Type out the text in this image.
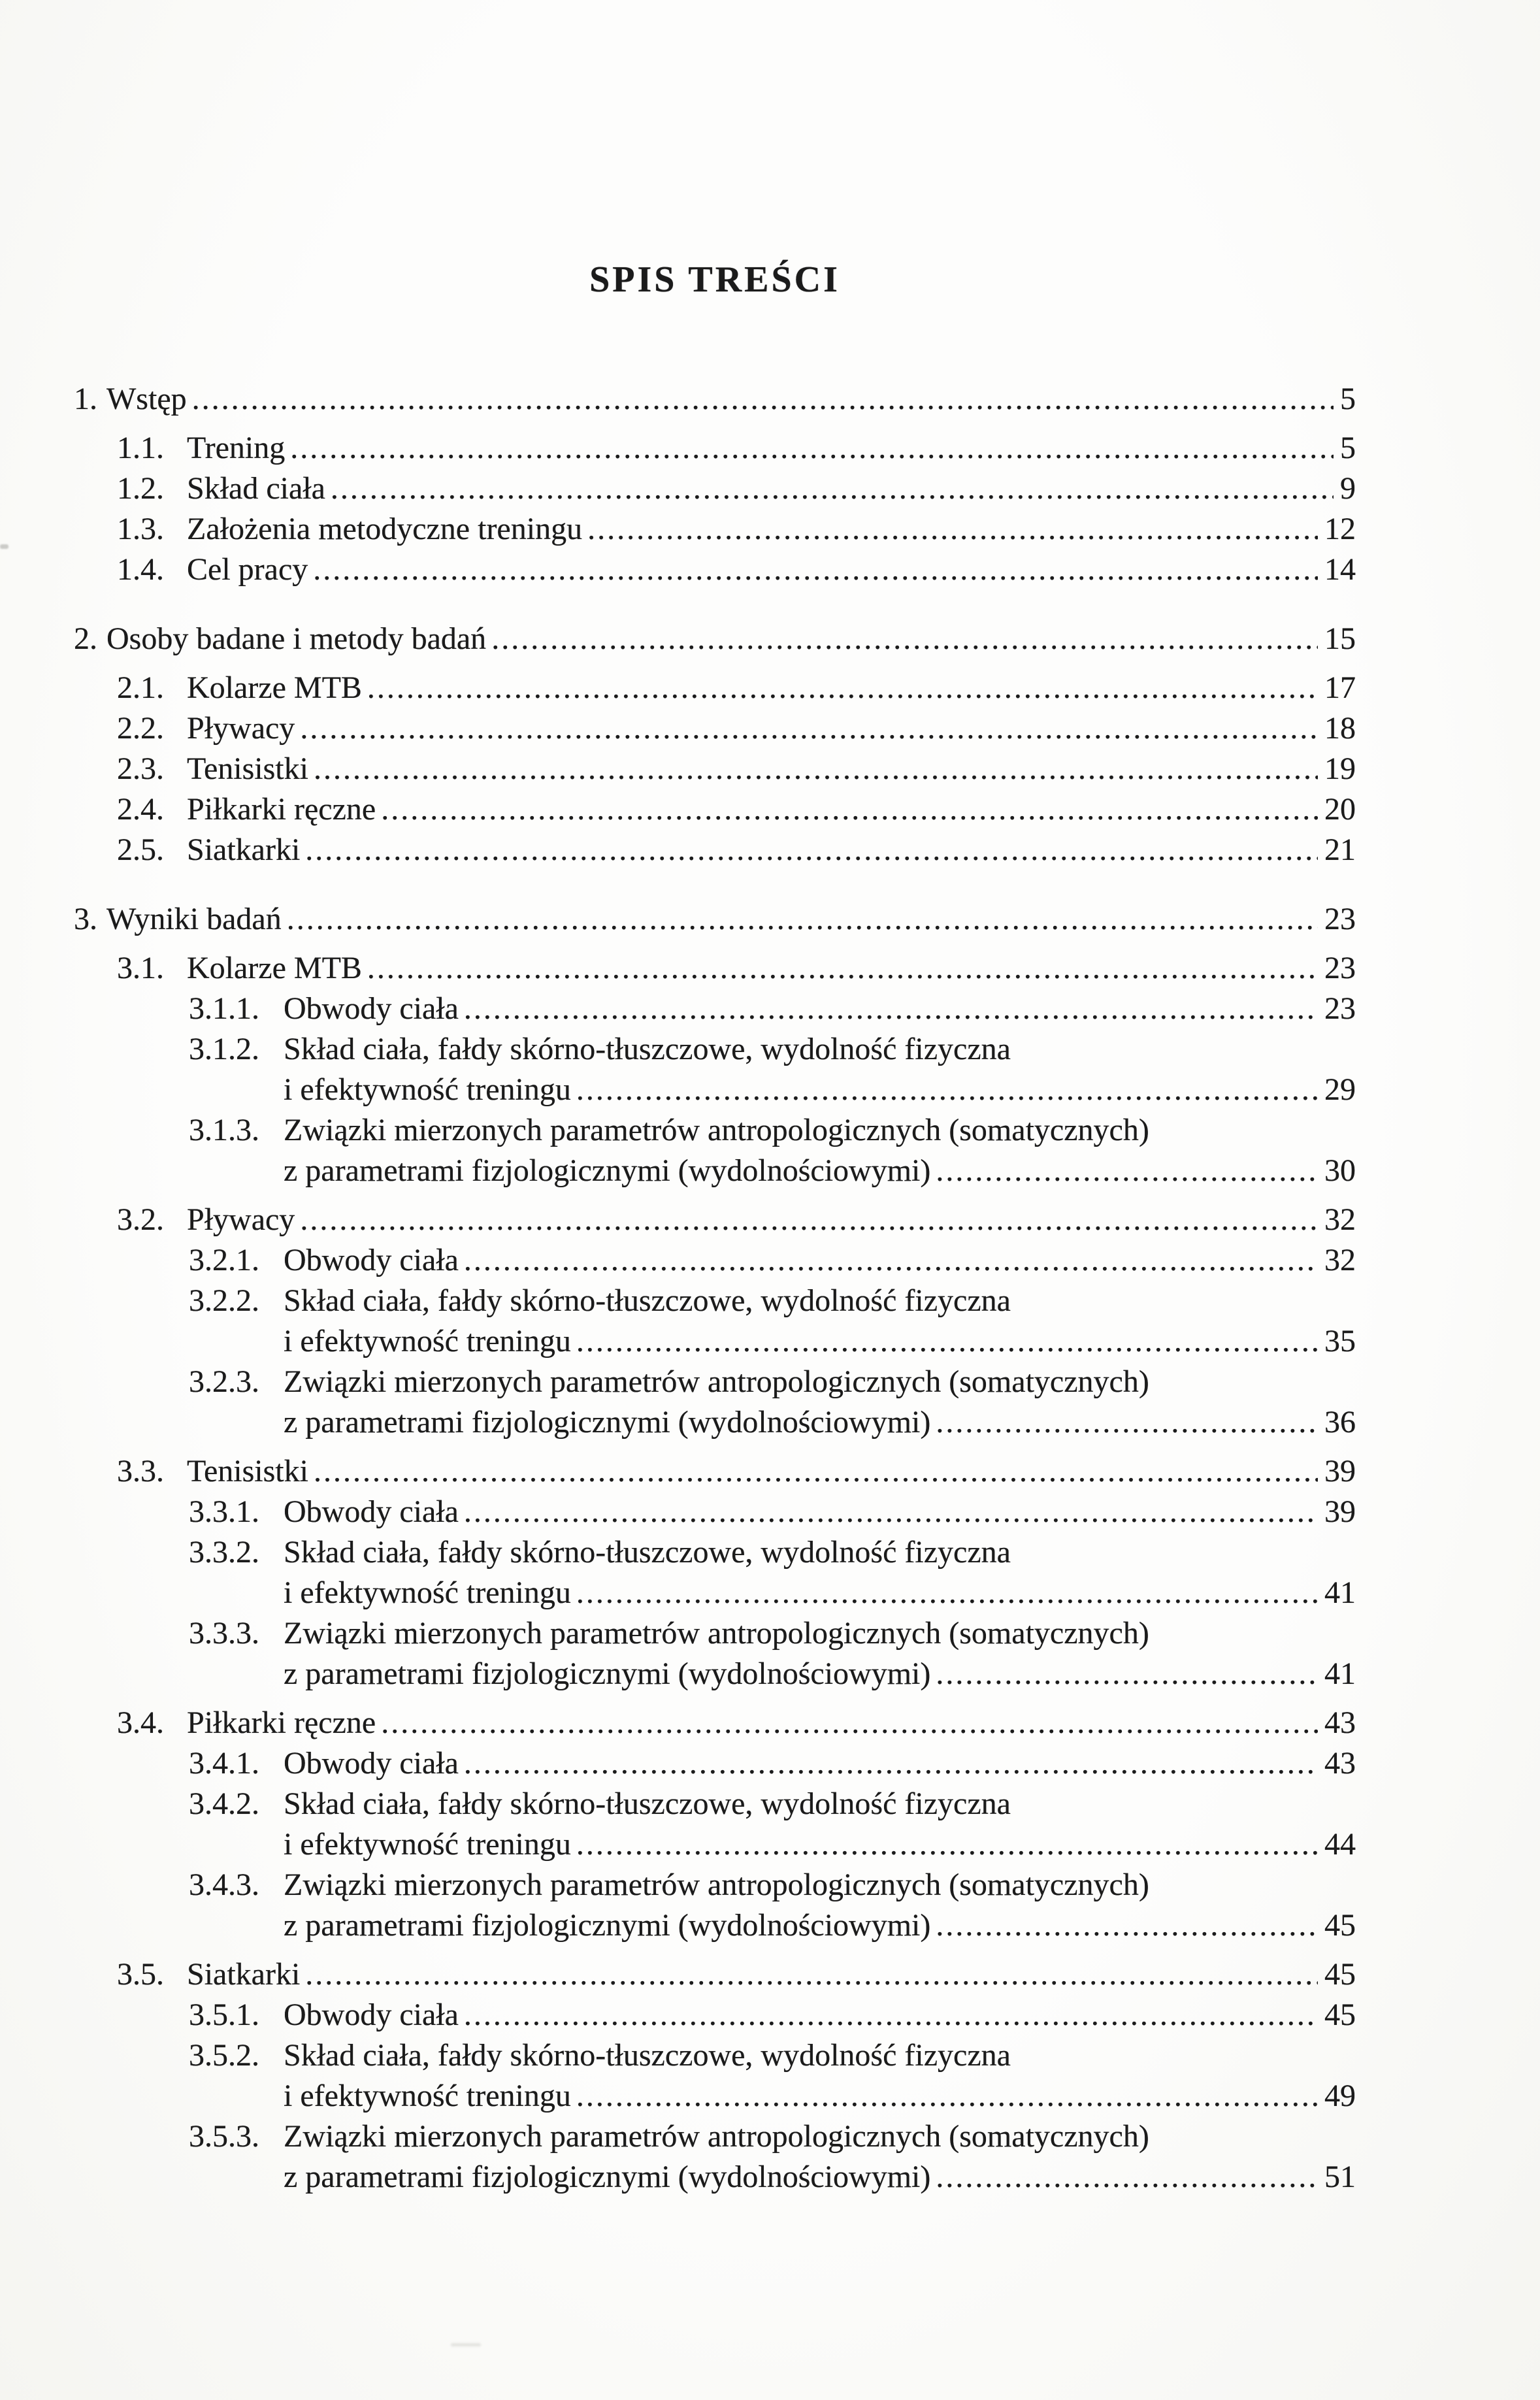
SPIS TREŚCI
1. Wstęp .....	5
1.1. Trening .....	5
1.2. Skład ciała .....	9
1.3. Założenia metodyczne treningu .....	12
1.4. Cel pracy .....	14
2. Osoby badane i metody badań .....	15
2.1. Kolarze MTB .....	17
2.2. Pływacy .....	18
2.3. Tenisistki .....	19
2.4. Piłkarki ręczne .....	20
2.5. Siatkarki .....	21
3. Wyniki badań .....	23
3.1. Kolarze MTB .....	23
3.1.1. Obwody ciała .....	23
3.1.2. Skład ciała, fałdy skórno-tłuszczowe, wydolność fizyczna
i efektywność treningu .....	29
3.1.3. Związki mierzonych parametrów antropologicznych (somatycznych)
z parametrami fizjologicznymi (wydolnościowymi) .....	30
3.2. Pływacy .....	32
3.2.1. Obwody ciała .....	32
3.2.2. Skład ciała, fałdy skórno-tłuszczowe, wydolność fizyczna
i efektywność treningu .....	35
3.2.3. Związki mierzonych parametrów antropologicznych (somatycznych)
z parametrami fizjologicznymi (wydolnościowymi) .....	36
3.3. Tenisistki .....	39
3.3.1. Obwody ciała .....	39
3.3.2. Skład ciała, fałdy skórno-tłuszczowe, wydolność fizyczna
i efektywność treningu .....	41
3.3.3. Związki mierzonych parametrów antropologicznych (somatycznych)
z parametrami fizjologicznymi (wydolnościowymi) .....	41
3.4. Piłkarki ręczne .....	43
3.4.1. Obwody ciała .....	43
3.4.2. Skład ciała, fałdy skórno-tłuszczowe, wydolność fizyczna
i efektywność treningu .....	44
3.4.3. Związki mierzonych parametrów antropologicznych (somatycznych)
z parametrami fizjologicznymi (wydolnościowymi) .....	45
3.5. Siatkarki .....	45
3.5.1. Obwody ciała .....	45
3.5.2. Skład ciała, fałdy skórno-tłuszczowe, wydolność fizyczna
i efektywność treningu .....	49
3.5.3. Związki mierzonych parametrów antropologicznych (somatycznych)
z parametrami fizjologicznymi (wydolnościowymi) .....	51
